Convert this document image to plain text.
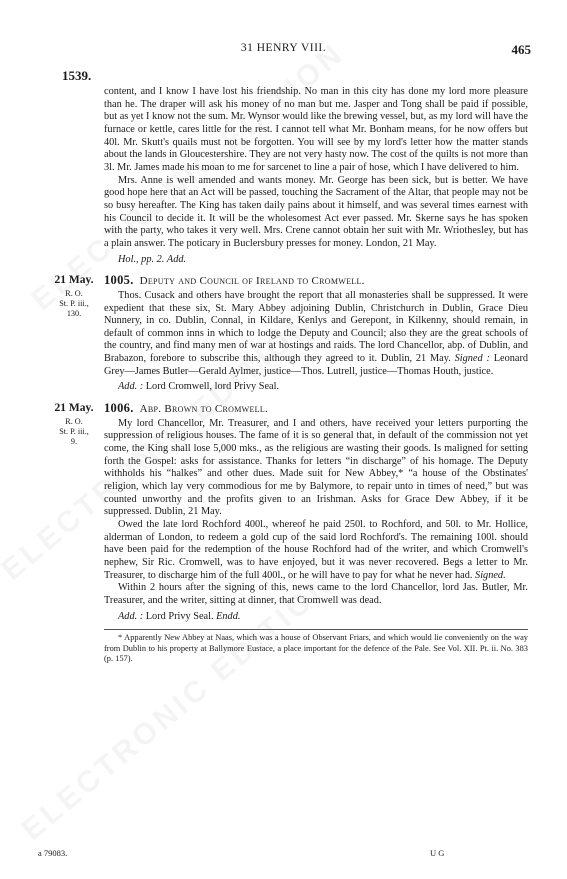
31 HENRY VIII.	465
1539.

content, and I know I have lost his friendship. No man in this city has done my lord more pleasure than he. The draper will ask his money of no man but me. Jasper and Tong shall be paid if possible, but as yet I know not the sum. Mr. Wynsor would like the brewing vessel, but, as my lord will have the furnace or kettle, cares little for the rest. I cannot tell what Mr. Bonham means, for he now offers but 40l. Mr. Skutt's quails must not be forgotten. You will see by my lord's letter how the matter stands about the lands in Gloucestershire. They are not very hasty now. The cost of the quilts is not more than 3l. Mr. James made his moan to me for sarcenet to line a pair of hose, which I have delivered to him.

Mrs. Anne is well amended and wants money. Mr. George has been sick, but is better. We have good hope here that an Act will be passed, touching the Sacrament of the Altar, that people may not be so busy hereafter. The King has taken daily pains about it himself, and was several times earnest with his Council to decide it. It will be the wholesomest Act ever passed. Mr. Skerne says he has spoken with the party, who takes it very well. Mrs. Crene cannot obtain her suit with Mr. Wriothesley, but has a plain answer. The poticary in Buclersbury presses for money. London, 21 May.

Hol., pp. 2. Add.

21 May.
R. O.
St. P. iii.,
130.
1005. Deputy and Council of Ireland to Cromwell.

Thos. Cusack and others have brought the report that all monasteries shall be suppressed. It were expedient that these six, St. Mary Abbey adjoining Dublin, Christchurch in Dublin, Grace Dieu Nunnery, in co. Dublin, Connal, in Kildare, Kenlys and Gerepont, in Kilkenny, should remain, in default of common inns in which to lodge the Deputy and Council; also they are the great schools of the country, and find many men of war at hostings and raids. The lord Chancellor, abp. of Dublin, and Brabazon, forebore to subscribe this, although they agreed to it. Dublin, 21 May. Signed : Leonard Grey—James Butler—Gerald Aylmer, justice—Thos. Lutrell, justice—Thomas Houth, justice.

Add. : Lord Cromwell, lord Privy Seal.

21 May.
R. O.
St. P. iii.,
9.
1006. Abp. Brown to Cromwell.

My lord Chancellor, Mr. Treasurer, and I and others, have received your letters purporting the suppression of religious houses. The fame of it is so general that, in default of the commission not yet come, the King shall lose 5,000 mks., as the religious are wasting their goods. Is maligned for setting forth the Gospel: asks for assistance. Thanks for letters “in discharge” of his homage. The Deputy withholds his “halkes” and other dues. Made suit for New Abbey,* “a house of the Obstinates' religion, which lay very commodious for me by Balymore, to repair unto in times of need,” but was counted unworthy and the profits given to an Irishman. Asks for Grace Dew Abbey, if it be suppressed. Dublin, 21 May.

Owed the late lord Rochford 400l., whereof he paid 250l. to Rochford, and 50l. to Mr. Hollice, alderman of London, to redeem a gold cup of the said lord Rochford's. The remaining 100l. should have been paid for the redemption of the house Rochford had of the writer, and which Cromwell's nephew, Sir Ric. Cromwell, was to have enjoyed, but it was never recovered. Begs a letter to Mr. Treasurer, to discharge him of the full 400l., or he will have to pay for what he never had. Signed.

Within 2 hours after the signing of this, news came to the lord Chancellor, lord Jas. Butler, Mr. Treasurer, and the writer, sitting at dinner, that Cromwell was dead.

Add. : Lord Privy Seal. Endd.

* Apparently New Abbey at Naas, which was a house of Observant Friars, and which would lie conveniently on the way from Dublin to his property at Ballymore Eustace, a place important for the defence of the Pale. See Vol. XII. Pt. ii. No. 383 (p. 157).

a 79083.	U G
